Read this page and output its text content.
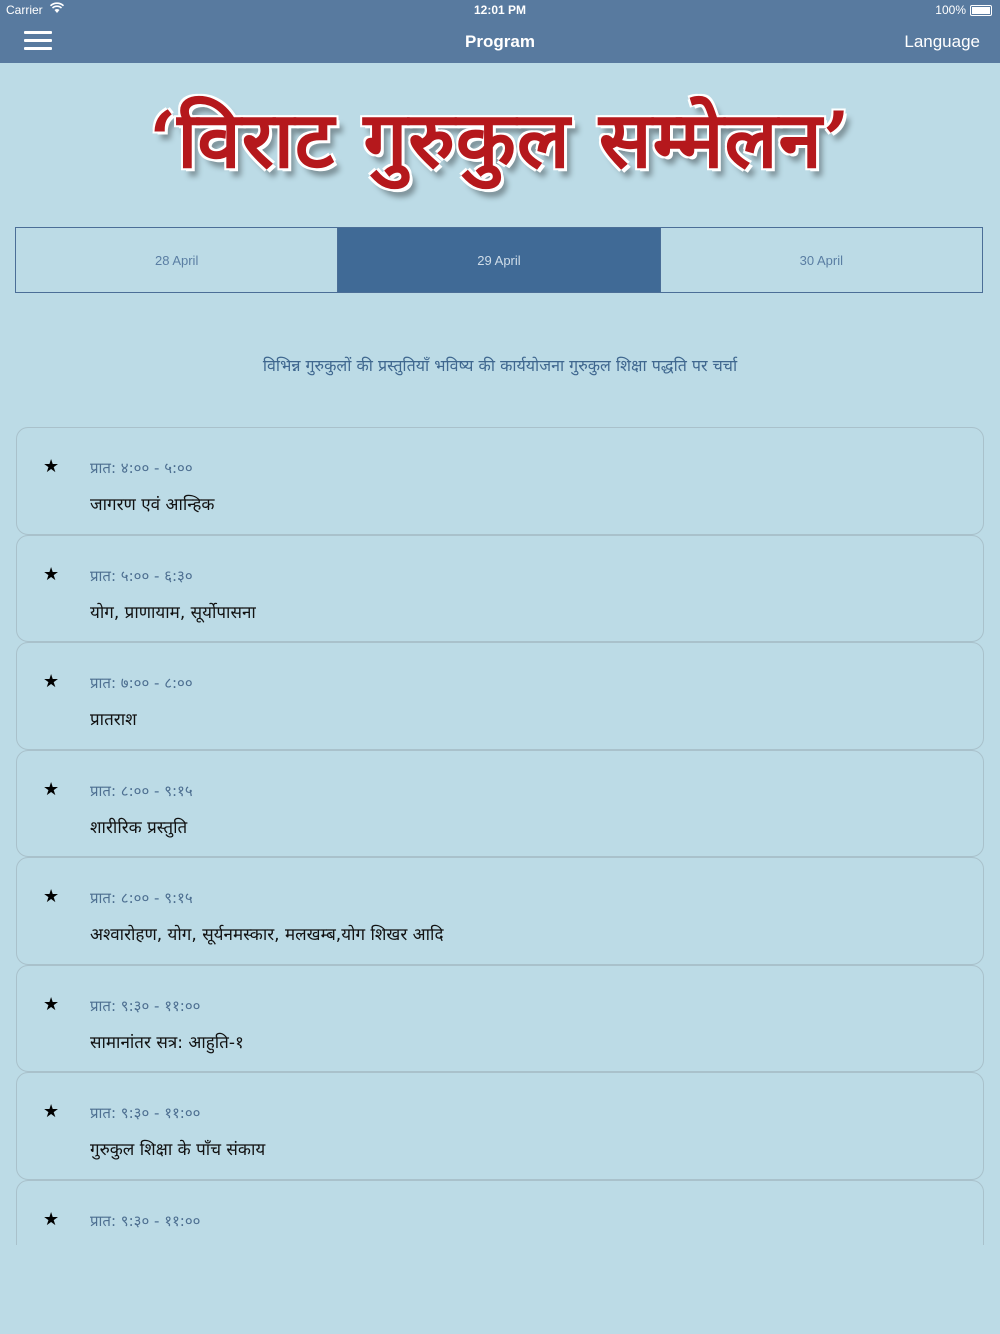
Carrier	12:01 PM	100%
Program	Language
‘विराट गुरुकुल सम्मेलन’
28 April	29 April	30 April
विभिन्न गुरुकुलों की प्रस्तुतियाँ भविष्य की कार्ययोजना गुरुकुल शिक्षा पद्धति पर चर्चा
★ प्रात: ४:०० - ५:००
जागरण एवं आन्हिक
★ प्रात: ५:०० - ६:३०
योग, प्राणायाम, सूर्योपासना
★ प्रात: ७:०० - ८:००
प्रातराश
★ प्रात: ८:०० - ९:१५
शारीरिक प्रस्तुति
★ प्रात: ८:०० - ९:१५
अश्वारोहण, योग, सूर्यनमस्कार, मलखम्ब,योग शिखर आदि
★ प्रात: ९:३० - ११:००
सामानांतर सत्र: आहुति-१
★ प्रात: ९:३० - ११:००
गुरुकुल शिक्षा के पाँच संकाय
★ प्रात: ९:३० - ११:००
